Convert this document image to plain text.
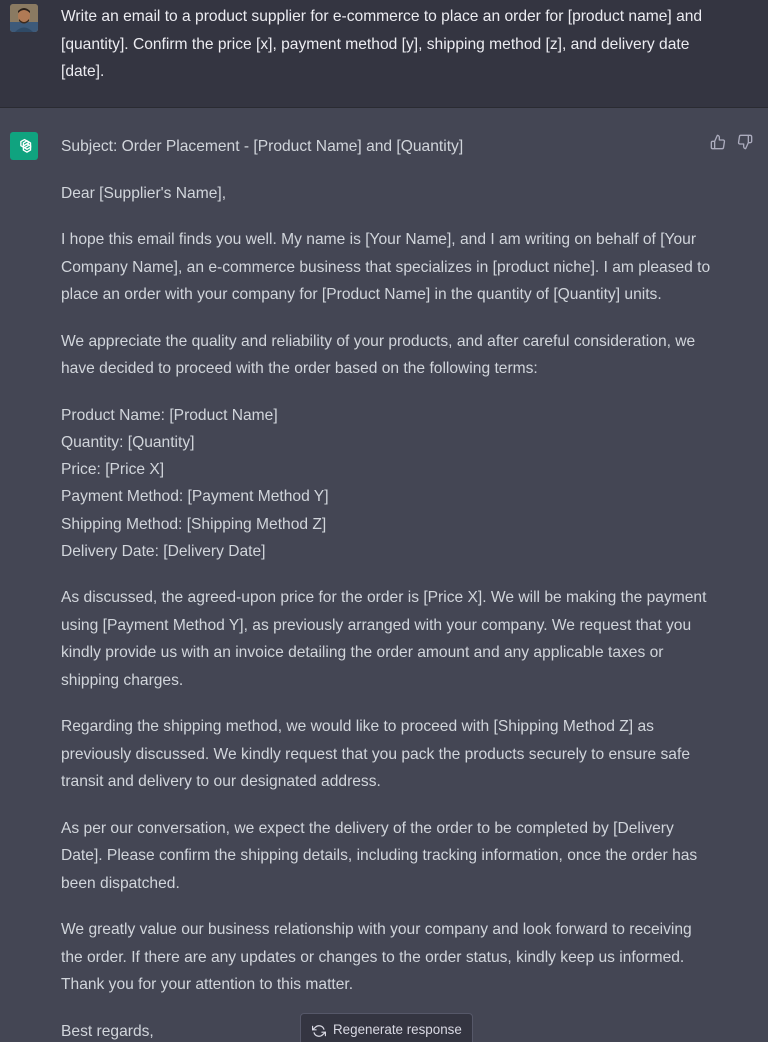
Write an email to a product supplier for e-commerce to place an order for [product name] and [quantity]. Confirm the price [x], payment method [y], shipping method [z], and delivery date [date].

Subject: Order Placement - [Product Name] and [Quantity]

Dear [Supplier's Name],

I hope this email finds you well. My name is [Your Name], and I am writing on behalf of [Your Company Name], an e-commerce business that specializes in [product niche]. I am pleased to place an order with your company for [Product Name] in the quantity of [Quantity] units.

We appreciate the quality and reliability of your products, and after careful consideration, we have decided to proceed with the order based on the following terms:

Product Name: [Product Name]
Quantity: [Quantity]
Price: [Price X]
Payment Method: [Payment Method Y]
Shipping Method: [Shipping Method Z]
Delivery Date: [Delivery Date]

As discussed, the agreed-upon price for the order is [Price X]. We will be making the payment using [Payment Method Y], as previously arranged with your company. We request that you kindly provide us with an invoice detailing the order amount and any applicable taxes or shipping charges.

Regarding the shipping method, we would like to proceed with [Shipping Method Z] as previously discussed. We kindly request that you pack the products securely to ensure safe transit and delivery to our designated address.

As per our conversation, we expect the delivery of the order to be completed by [Delivery Date]. Please confirm the shipping details, including tracking information, once the order has been dispatched.

We greatly value our business relationship with your company and look forward to receiving the order. If there are any updates or changes to the order status, kindly keep us informed. Thank you for your attention to this matter.

Best regards,	Regenerate response
